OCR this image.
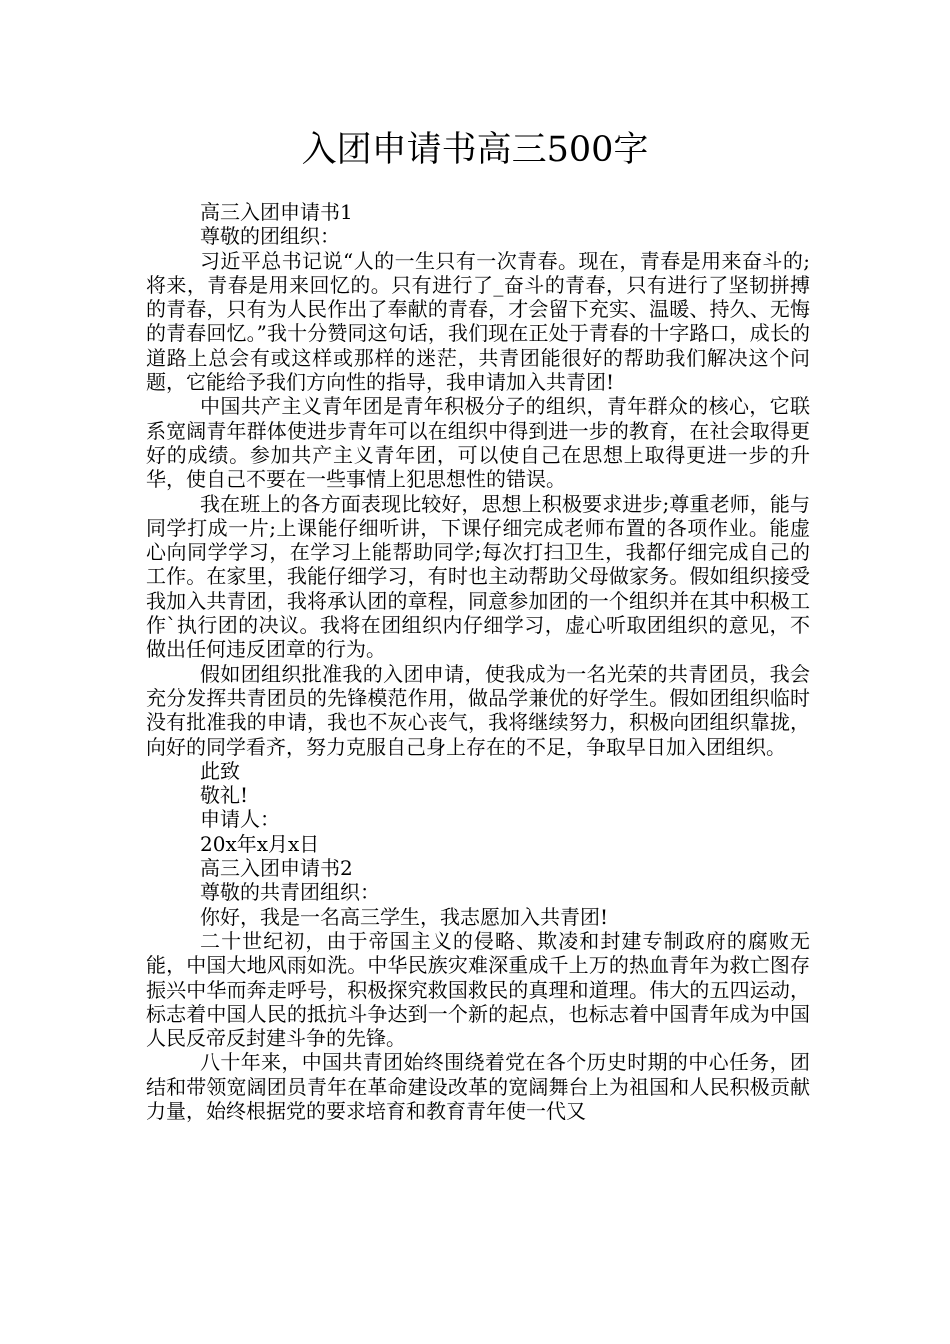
入团申请书高三500字

高三入团申请书1

尊敬的团组织：

习近平总书记说“人的一生只有一次青春。现在，青春是用来奋斗的;将来，青春是用来回忆的。只有进行了_奋斗的青春，只有进行了坚韧拼搏的青春，只有为人民作出了奉献的青春，才会留下充实、温暖、持久、无悔的青春回忆。”我十分赞同这句话，我们现在正处于青春的十字路口，成长的道路上总会有或这样或那样的迷茫，共青团能很好的帮助我们解决这个问题，它能给予我们方向性的指导，我申请加入共青团!

中国共产主义青年团是青年积极分子的组织，青年群众的核心，它联系宽阔青年群体使进步青年可以在组织中得到进一步的教育，在社会取得更好的成绩。参加共产主义青年团，可以使自己在思想上取得更进一步的升华，使自己不要在一些事情上犯思想性的错误。

我在班上的各方面表现比较好，思想上积极要求进步;尊重老师，能与同学打成一片;上课能仔细听讲，下课仔细完成老师布置的各项作业。能虚心向同学学习，在学习上能帮助同学;每次打扫卫生，我都仔细完成自己的工作。在家里，我能仔细学习，有时也主动帮助父母做家务。假如组织接受我加入共青团，我将承认团的章程，同意参加团的一个组织并在其中积极工作`执行团的决议。我将在团组织内仔细学习，虚心听取团组织的意见，不做出任何违反团章的行为。

假如团组织批准我的入团申请，使我成为一名光荣的共青团员，我会充分发挥共青团员的先锋模范作用，做品学兼优的好学生。假如团组织临时没有批准我的申请，我也不灰心丧气，我将继续努力，积极向团组织靠拢，向好的同学看齐，努力克服自己身上存在的不足，争取早日加入团组织。

此致

敬礼!

申请人：

20x年x月x日

高三入团申请书2

尊敬的共青团组织：

你好，我是一名高三学生，我志愿加入共青团!

二十世纪初，由于帝国主义的侵略、欺凌和封建专制政府的腐败无能，中国大地风雨如洗。中华民族灾难深重成千上万的热血青年为救亡图存振兴中华而奔走呼号，积极探究救国救民的真理和道理。伟大的五四运动，标志着中国人民的抵抗斗争达到一个新的起点，也标志着中国青年成为中国人民反帝反封建斗争的先锋。

八十年来，中国共青团始终围绕着党在各个历史时期的中心任务，团结和带领宽阔团员青年在革命建设改革的宽阔舞台上为祖国和人民积极贡献力量，始终根据党的要求培育和教育青年使一代又
